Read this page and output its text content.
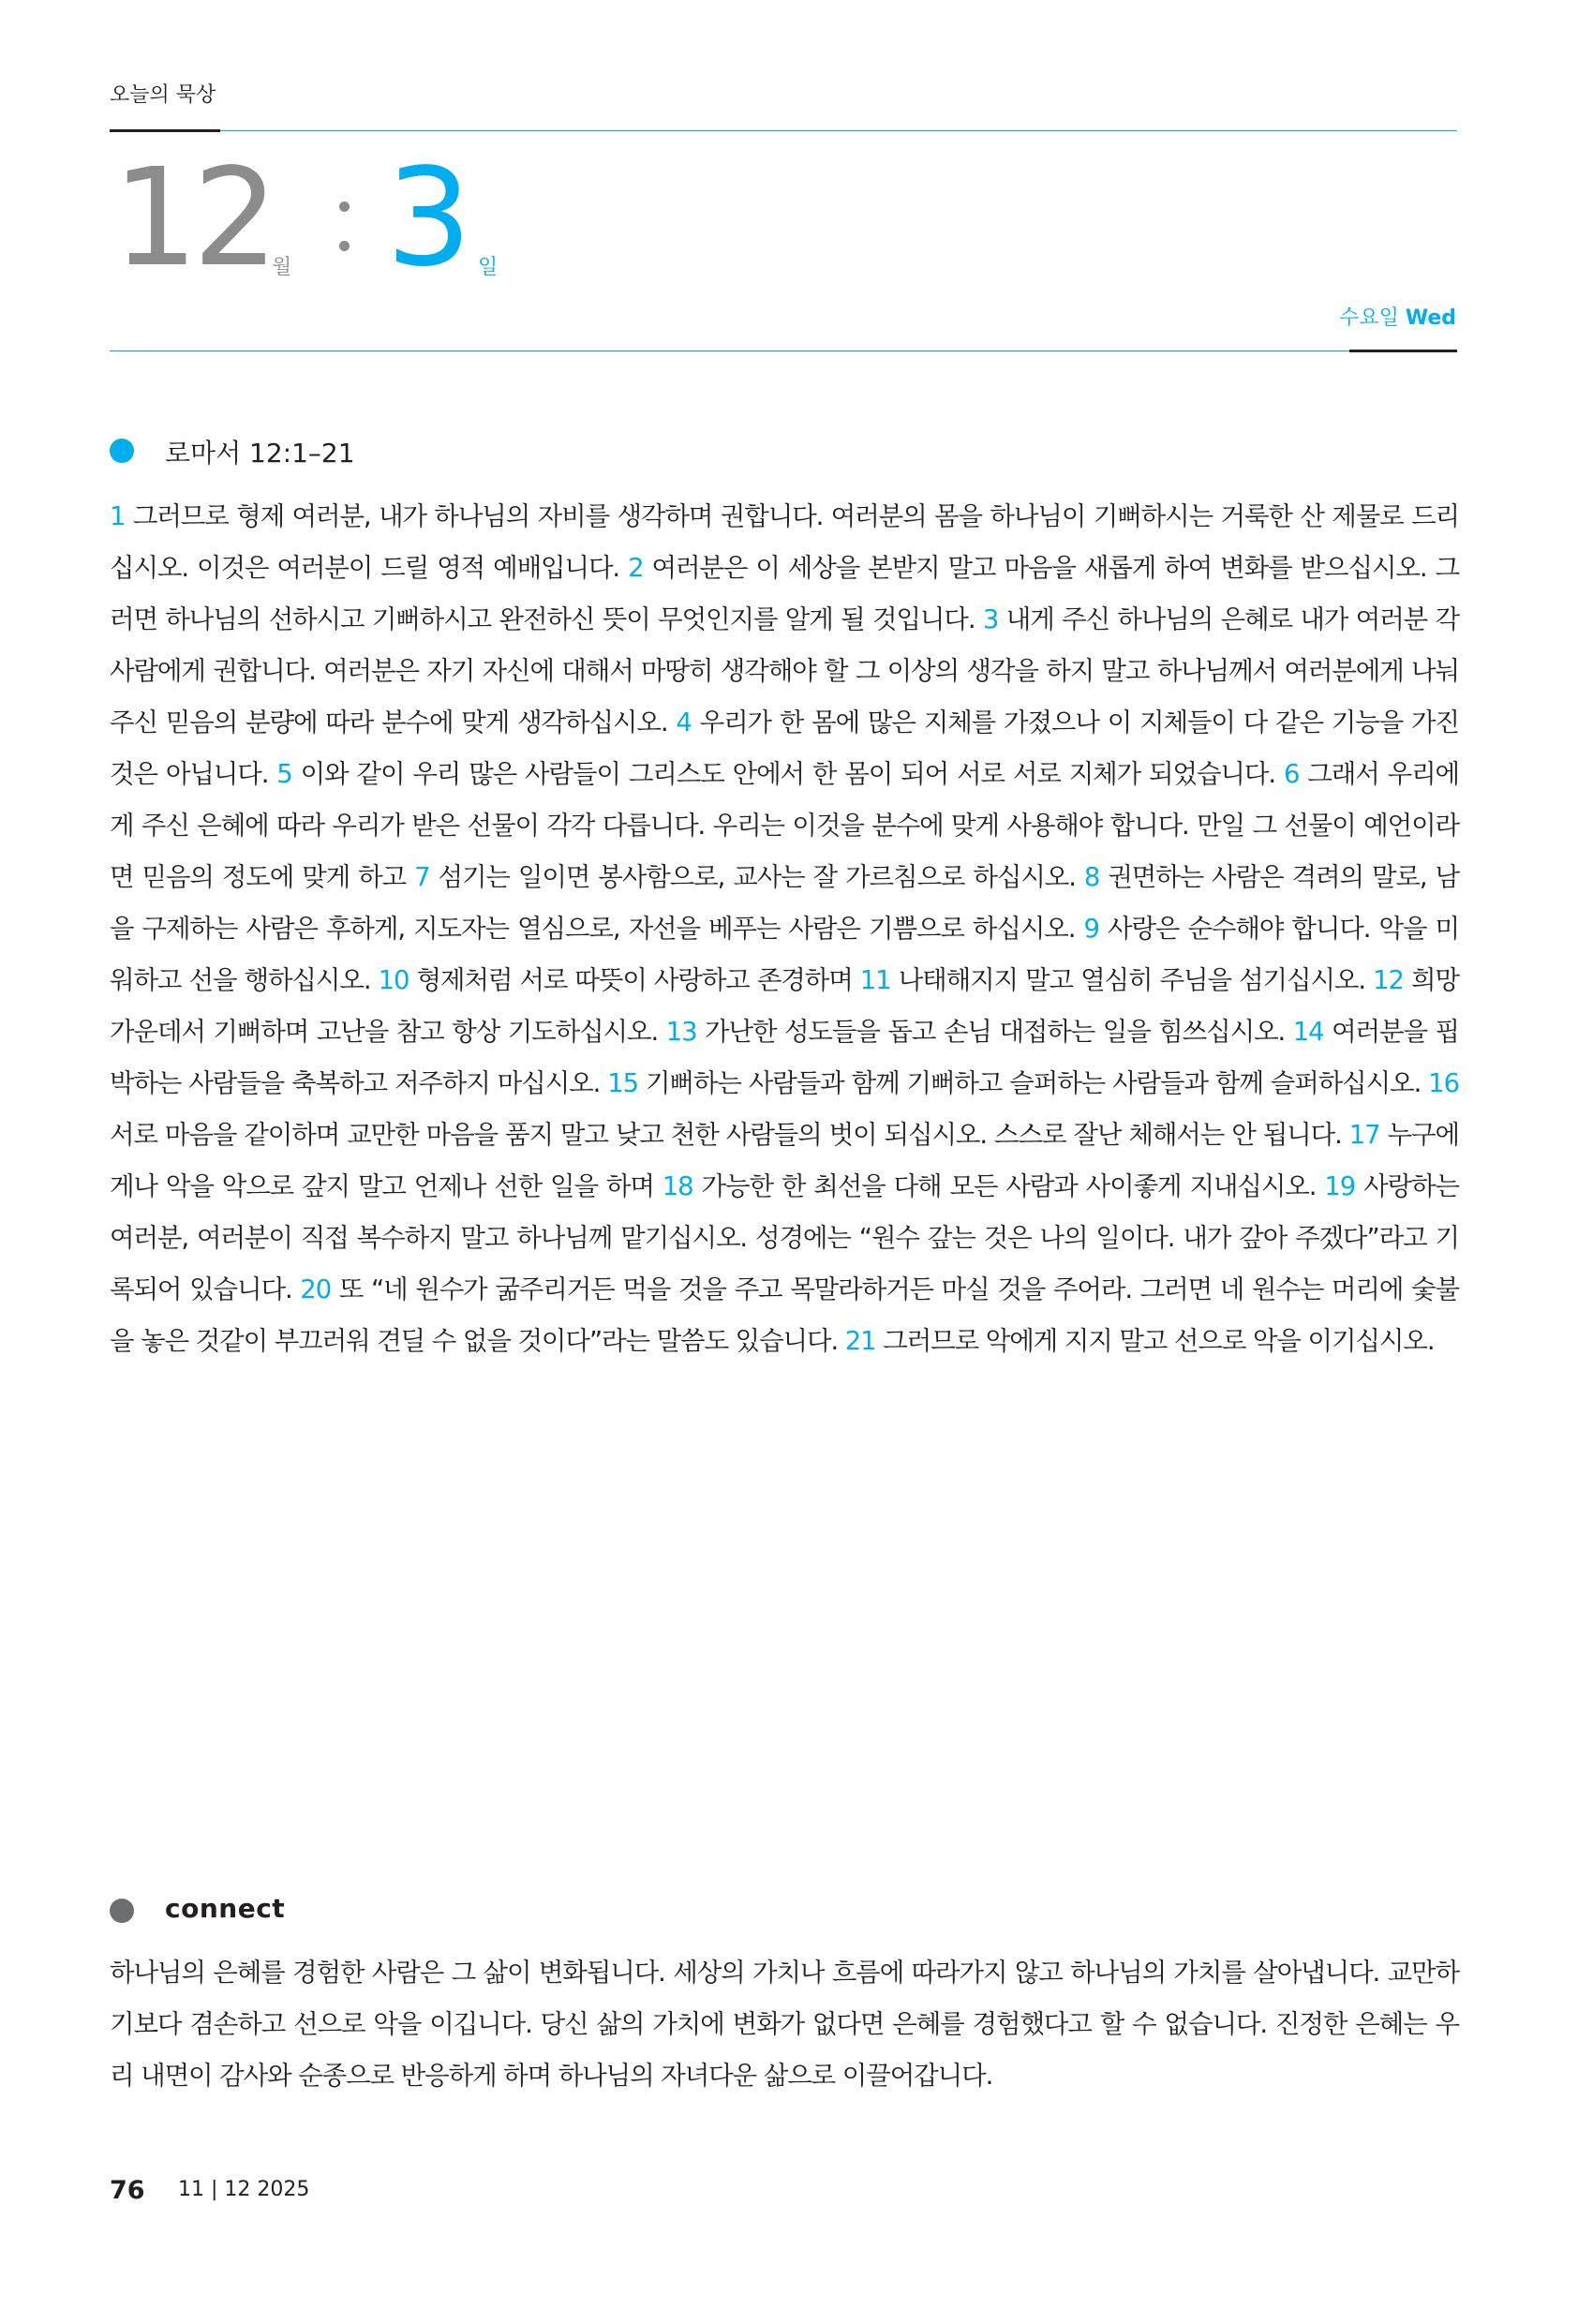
오늘의 묵상
12
월 3 일
수요일 Wed
로마서 12:1–21
1 그러므로 형제 여러분, 내가 하나님의 자비를 생각하며 권합니다. 여러분의 몸을 하나님이 기뻐하시는 거룩한 산 제물로 드리십시오. 이것은 여러분이 드릴 영적 예배입니다. 2 여러분은 이 세상을 본받지 말고 마음을 새롭게 하여 변화를 받으십시오. 그러면 하나님의 선하시고 기뻐하시고 완전하신 뜻이 무엇인지를 알게 될 것입니다. 3 내게 주신 하나님의 은혜로 내가 여러분 각 사람에게 권합니다. 여러분은 자기 자신에 대해서 마땅히 생각해야 할 그 이상의 생각을 하지 말고 하나님께서 여러분에게 나눠 주신 믿음의 분량에 따라 분수에 맞게 생각하십시오. 4 우리가 한 몸에 많은 지체를 가졌으나 이 지체들이 다 같은 기능을 가진 것은 아닙니다. 5 이와 같이 우리 많은 사람들이 그리스도 안에서 한 몸이 되어 서로 서로 지체가 되었습니다. 6 그래서 우리에게 주신 은혜에 따라 우리가 받은 선물이 각각 다릅니다. 우리는 이것을 분수에 맞게 사용해야 합니다. 만일 그 선물이 예언이라면 믿음의 정도에 맞게 하고 7 섬기는 일이면 봉사함으로, 교사는 잘 가르침으로 하십시오. 8 권면하는 사람은 격려의 말로, 남을 구제하는 사람은 후하게, 지도자는 열심으로, 자선을 베푸는 사람은 기쁨으로 하십시오. 9 사랑은 순수해야 합니다. 악을 미워하고 선을 행하십시오. 10 형제처럼 서로 따뜻이 사랑하고 존경하며 11 나태해지지 말고 열심히 주님을 섬기십시오. 12 희망 가운데서 기뻐하며 고난을 참고 항상 기도하십시오. 13 가난한 성도들을 돕고 손님 대접하는 일을 힘쓰십시오. 14 여러분을 핍박하는 사람들을 축복하고 저주하지 마십시오. 15 기뻐하는 사람들과 함께 기뻐하고 슬퍼하는 사람들과 함께 슬퍼하십시오. 16 서로 마음을 같이하며 교만한 마음을 품지 말고 낮고 천한 사람들의 벗이 되십시오. 스스로 잘난 체해서는 안 됩니다. 17 누구에게나 악을 악으로 갚지 말고 언제나 선한 일을 하며 18 가능한 한 최선을 다해 모든 사람과 사이좋게 지내십시오. 19 사랑하는 여러분, 여러분이 직접 복수하지 말고 하나님께 맡기십시오. 성경에는 “원수 갚는 것은 나의 일이다. 내가 갚아 주겠다”라고 기록되어 있습니다. 20 또 “네 원수가 굶주리거든 먹을 것을 주고 목말라하거든 마실 것을 주어라. 그러면 네 원수는 머리에 숯불을 놓은 것같이 부끄러워 견딜 수 없을 것이다”라는 말씀도 있습니다. 21 그러므로 악에게 지지 말고 선으로 악을 이기십시오.
connect
하나님의 은혜를 경험한 사람은 그 삶이 변화됩니다. 세상의 가치나 흐름에 따라가지 않고 하나님의 가치를 살아냅니다. 교만하기보다 겸손하고 선으로 악을 이깁니다. 당신 삶의 가치에 변화가 없다면 은혜를 경험했다고 할 수 없습니다. 진정한 은혜는 우리 내면이 감사와 순종으로 반응하게 하며 하나님의 자녀다운 삶으로 이끌어갑니다.
76 11 | 12 2025
